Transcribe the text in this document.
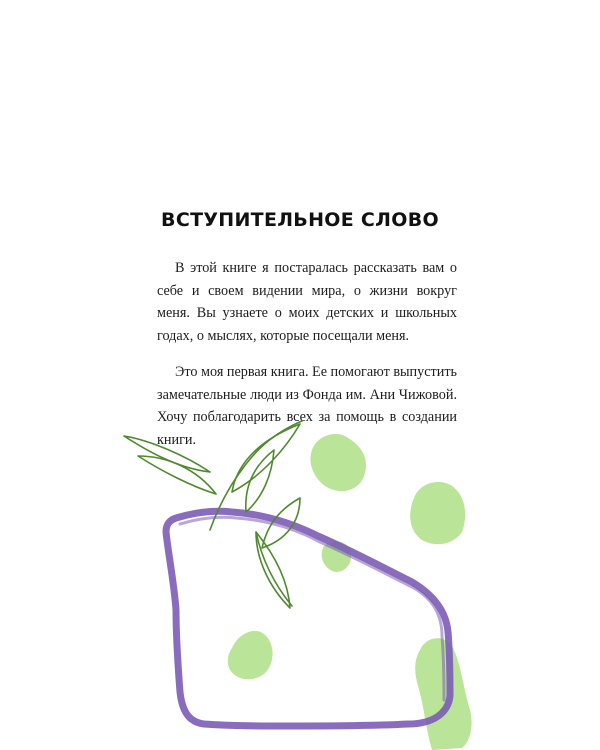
ВСТУПИТЕЛЬНОЕ СЛОВО

В этой книге я постаралась рассказать вам о себе и своем видении мира, о жизни вокруг меня. Вы узнаете о моих детских и школьных годах, о мыслях, которые посещали меня.

Это моя первая книга. Ее помогают выпустить замечательные люди из Фонда им. Ани Чижовой. Хочу поблагодарить всех за помощь в создании книги.
